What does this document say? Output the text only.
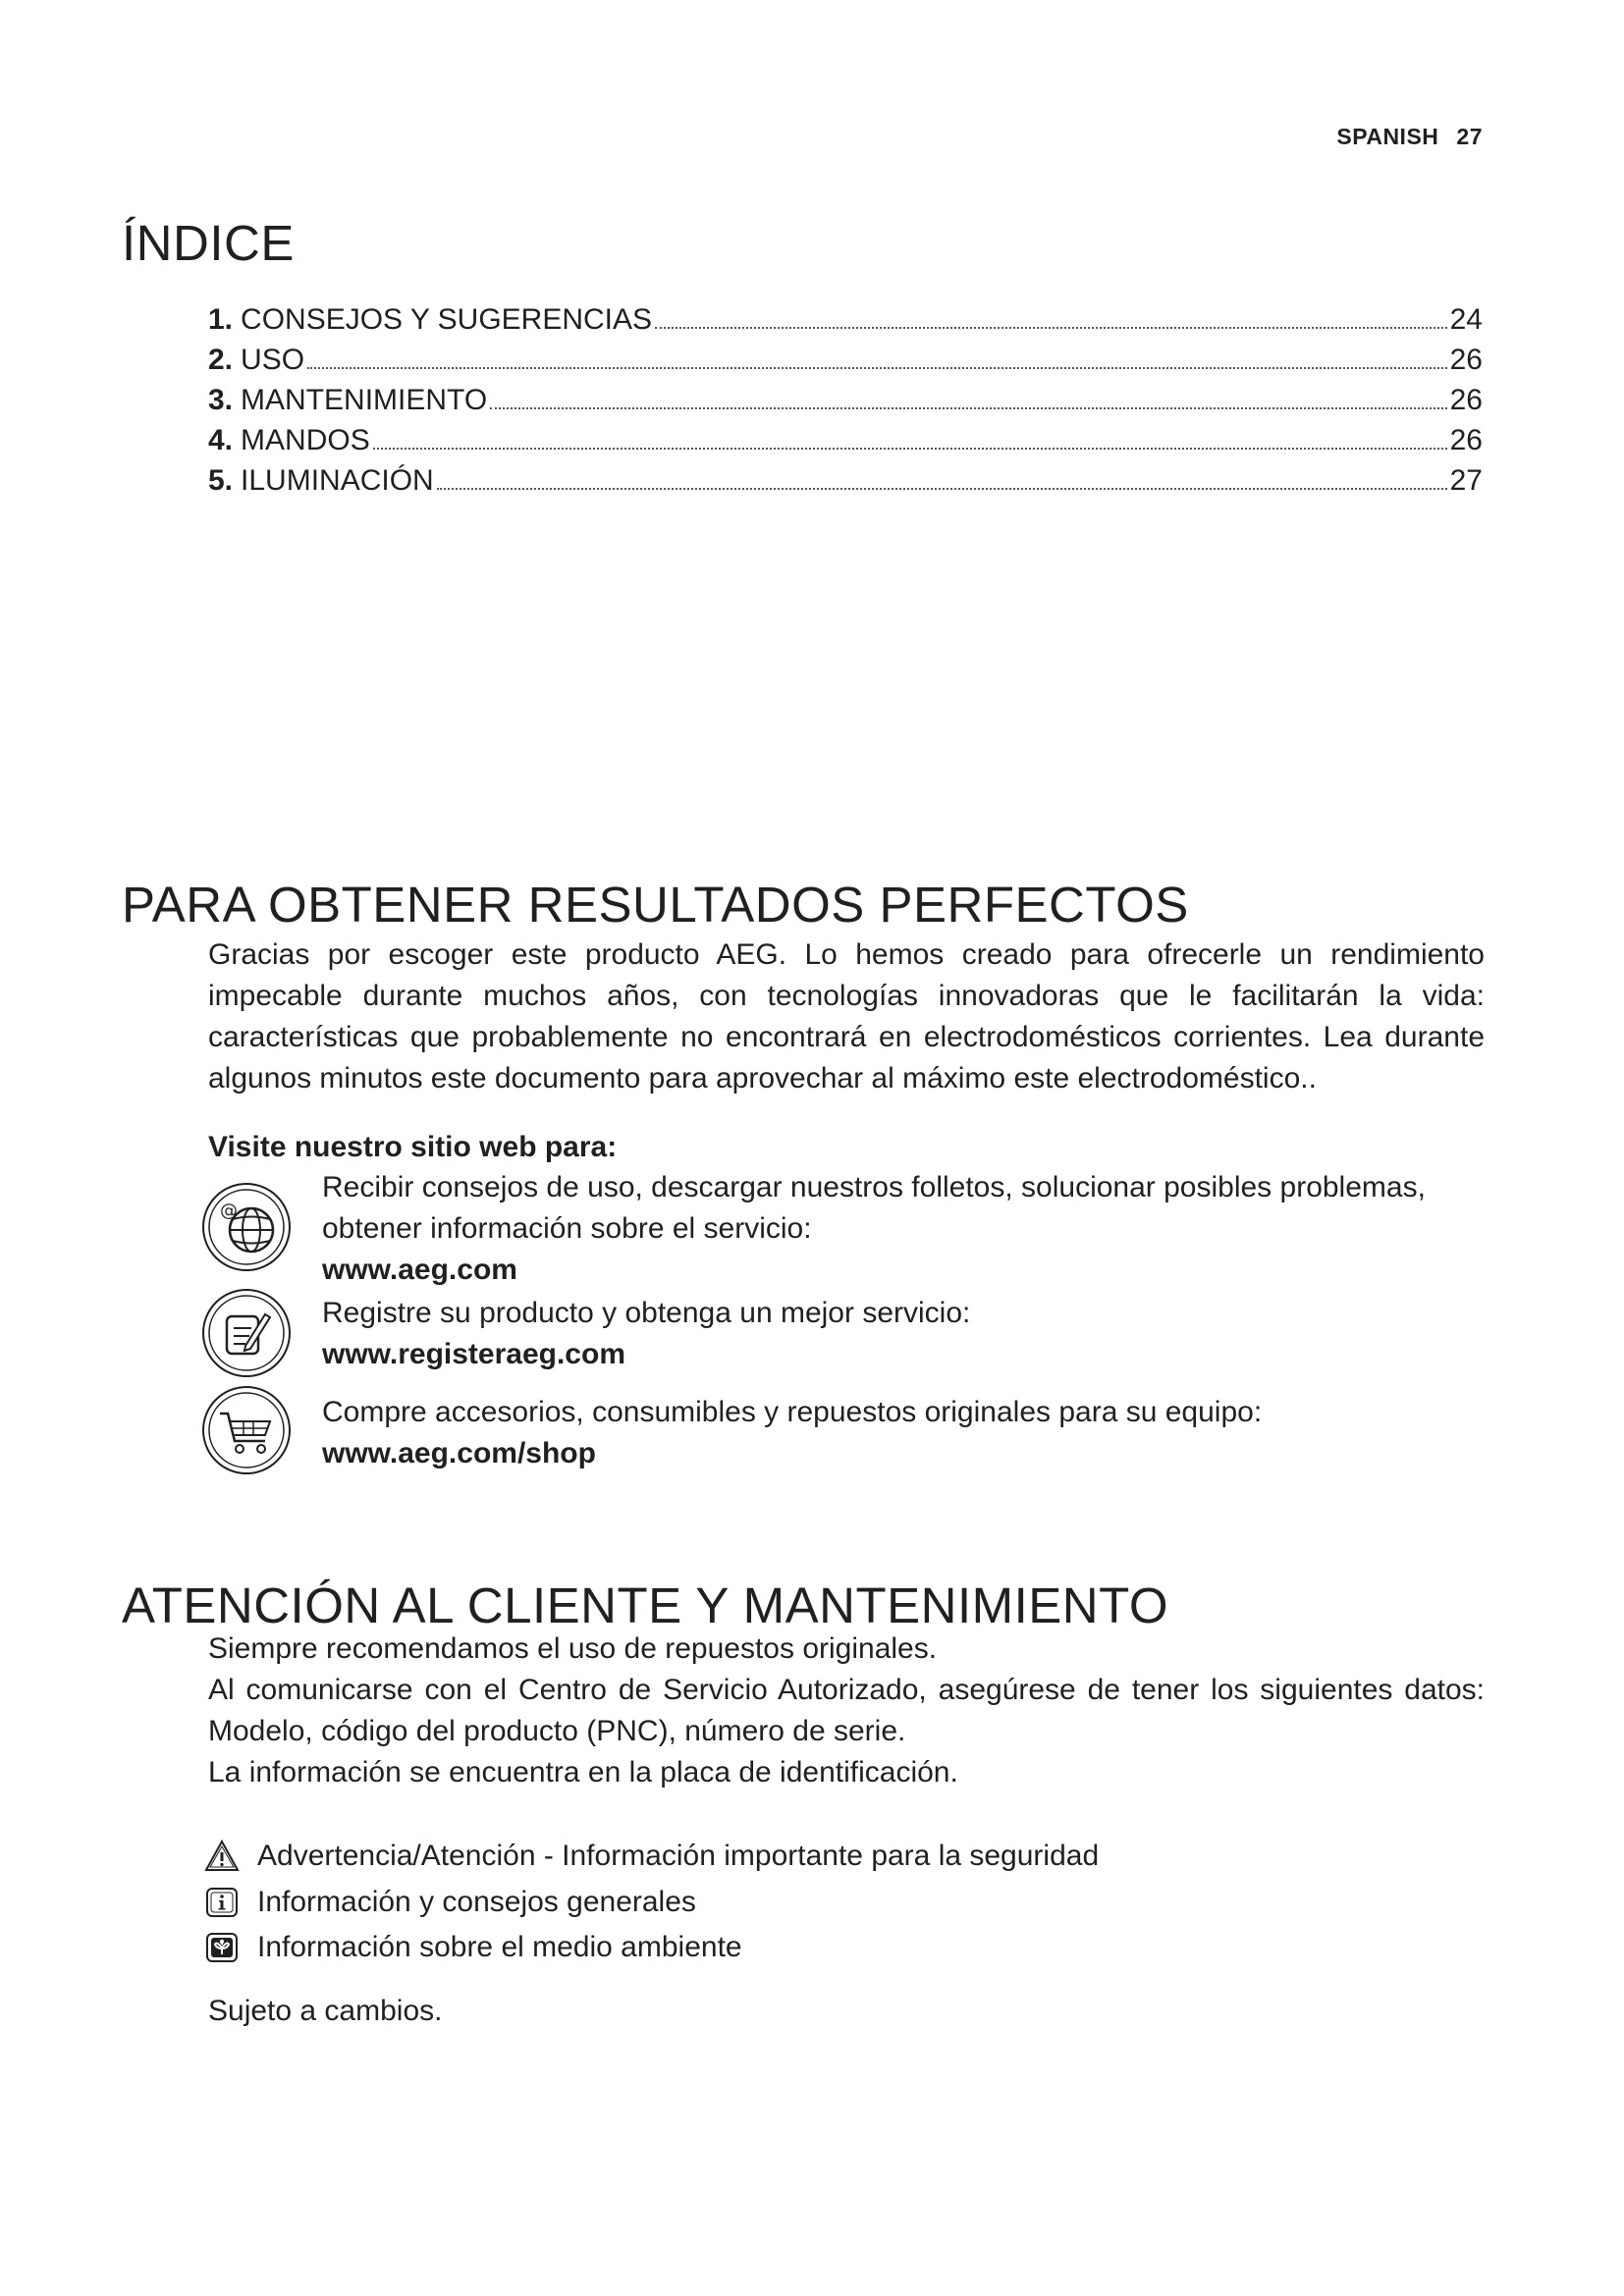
SPANISH 27
ÍNDICE
1. CONSEJOS Y SUGERENCIAS	24
2. USO	26
3. MANTENIMIENTO	26
4. MANDOS	26
5. ILUMINACIÓN	27
PARA OBTENER RESULTADOS PERFECTOS
Gracias por escoger este producto AEG. Lo hemos creado para ofrecerle un rendimiento impecable durante muchos años, con tecnologías innovadoras que le facilitarán la vida: características que probablemente no encontrará en electrodomésticos corrientes. Lea durante algunos minutos este documento para aprovechar al máximo este electrodoméstico..
Visite nuestro sitio web para:
@
Recibir consejos de uso, descargar nuestros folletos, solucionar posibles problemas, obtener información sobre el servicio:
www.aeg.com
Registre su producto y obtenga un mejor servicio:
www.registeraeg.com
Compre accesorios, consumibles y repuestos originales para su equipo:
www.aeg.com/shop
ATENCIÓN AL CLIENTE Y MANTENIMIENTO
Siempre recomendamos el uso de repuestos originales.
Al comunicarse con el Centro de Servicio Autorizado, asegúrese de tener los siguientes datos: Modelo, código del producto (PNC), número de serie.
La información se encuentra en la placa de identificación.
Advertencia/Atención - Información importante para la seguridad
Información y consejos generales
Información sobre el medio ambiente
Sujeto a cambios.
